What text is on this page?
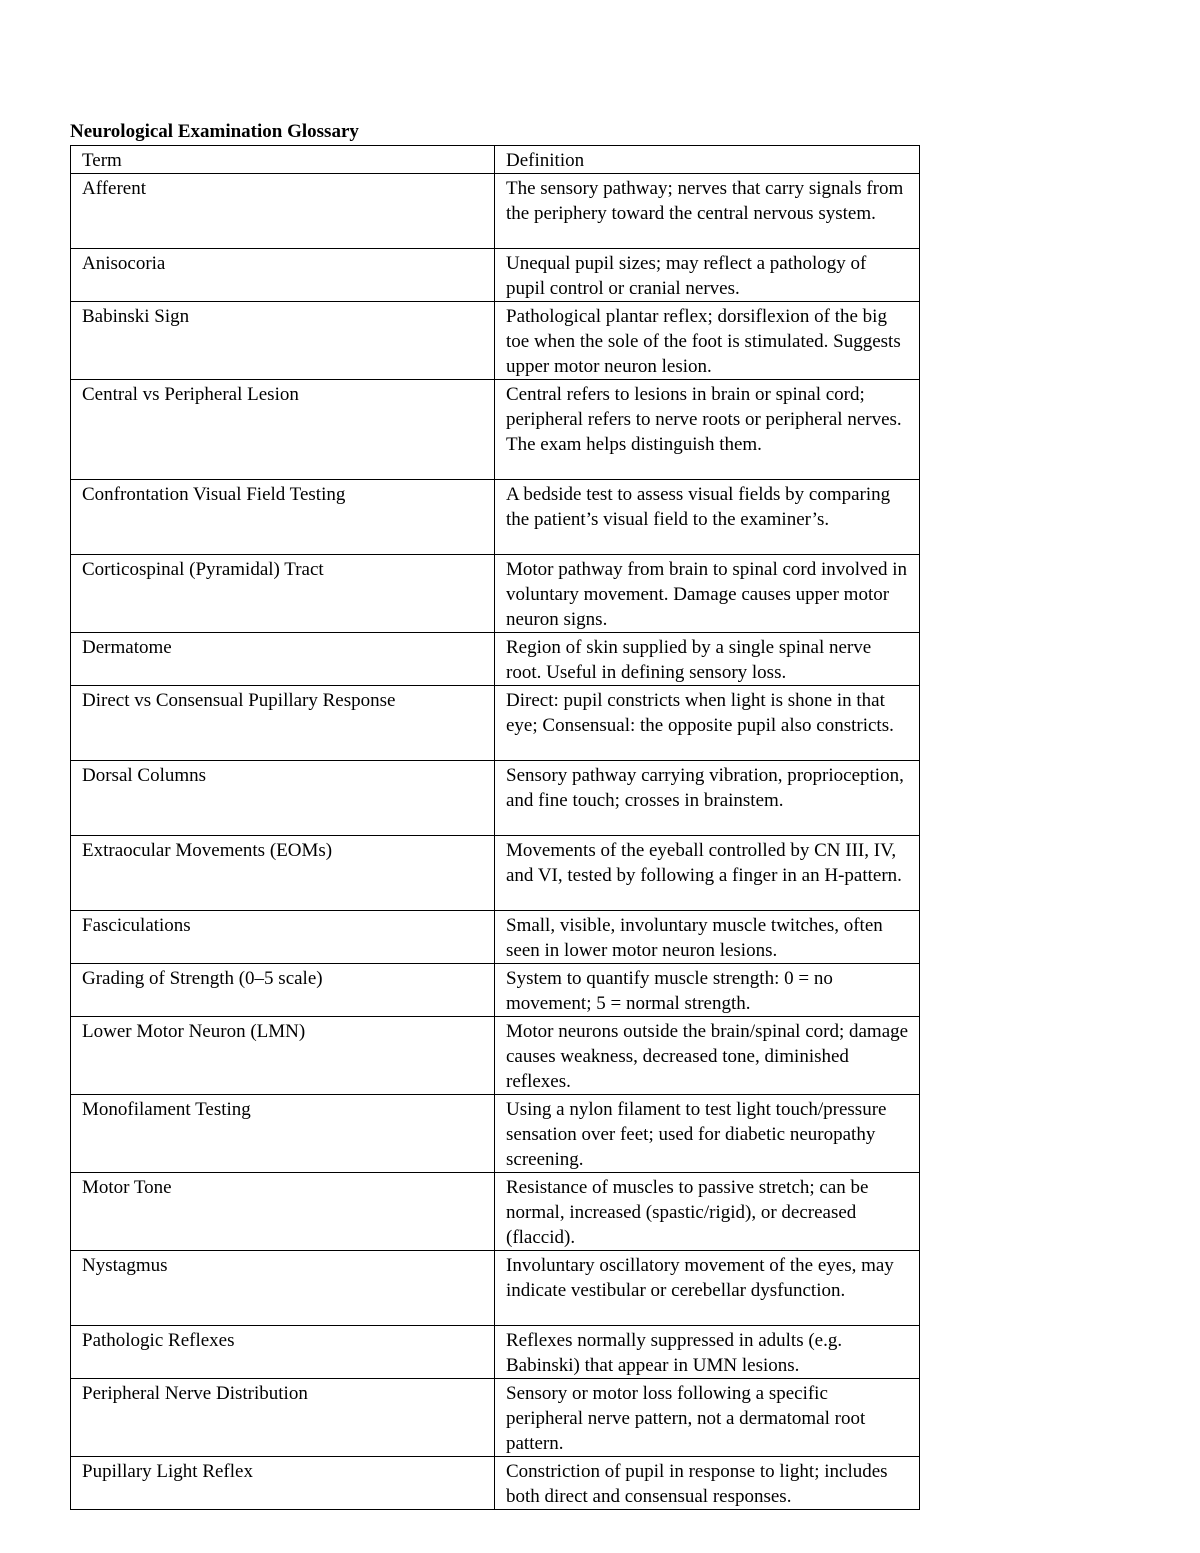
Neurological Examination Glossary
Term	Definition

Afferent	The sensory pathway; nerves that carry signals from the periphery toward the central nervous system.

Anisocoria	Unequal pupil sizes; may reflect a pathology of pupil control or cranial nerves.

Babinski Sign	Pathological plantar reflex; dorsiflexion of the big toe when the sole of the foot is stimulated. Suggests upper motor neuron lesion.

Central vs Peripheral Lesion	Central refers to lesions in brain or spinal cord; peripheral refers to nerve roots or peripheral nerves. The exam helps distinguish them.

Confrontation Visual Field Testing	A bedside test to assess visual fields by comparing the patient’s visual field to the examiner’s.

Corticospinal (Pyramidal) Tract	Motor pathway from brain to spinal cord involved in voluntary movement. Damage causes upper motor neuron signs.

Dermatome	Region of skin supplied by a single spinal nerve root. Useful in defining sensory loss.

Direct vs Consensual Pupillary Response	Direct: pupil constricts when light is shone in that eye; Consensual: the opposite pupil also constricts.

Dorsal Columns	Sensory pathway carrying vibration, proprioception, and fine touch; crosses in brainstem.

Extraocular Movements (EOMs)	Movements of the eyeball controlled by CN III, IV, and VI, tested by following a finger in an H-pattern.

Fasciculations	Small, visible, involuntary muscle twitches, often seen in lower motor neuron lesions.

Grading of Strength (0–5 scale)	System to quantify muscle strength: 0 = no movement; 5 = normal strength.

Lower Motor Neuron (LMN)	Motor neurons outside the brain/spinal cord; damage causes weakness, decreased tone, diminished reflexes.

Monofilament Testing	Using a nylon filament to test light touch/pressure sensation over feet; used for diabetic neuropathy screening.

Motor Tone	Resistance of muscles to passive stretch; can be normal, increased (spastic/rigid), or decreased (flaccid).

Nystagmus	Involuntary oscillatory movement of the eyes, may indicate vestibular or cerebellar dysfunction.

Pathologic Reflexes	Reflexes normally suppressed in adults (e.g. Babinski) that appear in UMN lesions.

Peripheral Nerve Distribution	Sensory or motor loss following a specific peripheral nerve pattern, not a dermatomal root pattern.

Pupillary Light Reflex	Constriction of pupil in response to light; includes both direct and consensual responses.
